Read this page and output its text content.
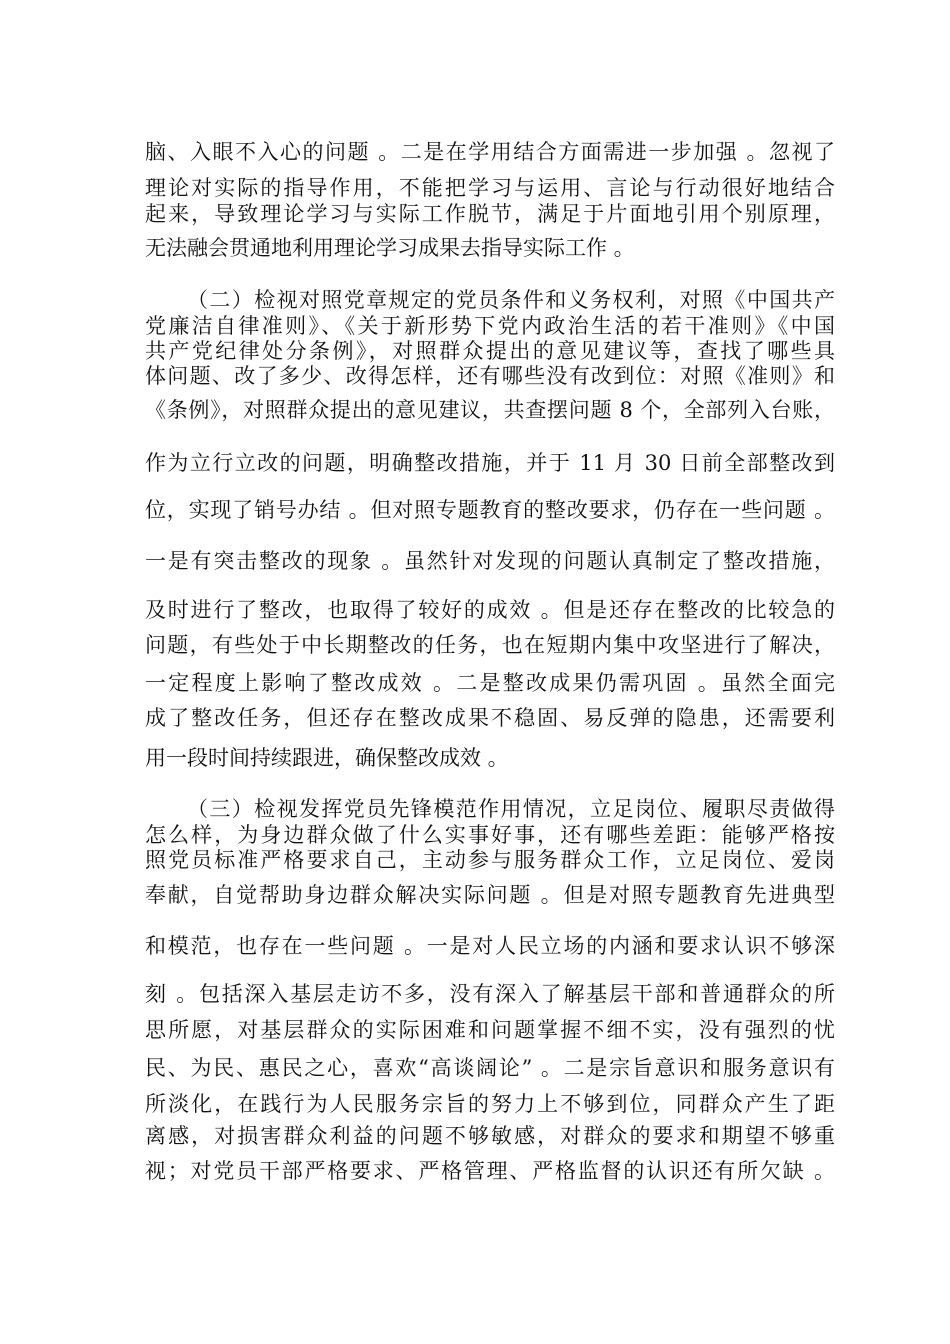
脑、入眼不入心的问题 。二是在学用结合方面需进一步加强 。忽视了

理论对实际的指导作用，不能把学习与运用、言论与行动很好地结合

起来，导致理论学习与实际工作脱节，满足于片面地引用个别原理，

无法融会贯通地利用理论学习成果去指导实际工作 。

（二）检视对照党章规定的党员条件和义务权利，对照《中国共产

党廉洁自律准则》、《关于新形势下党内政治生活的若干准则》《中国

共产党纪律处分条例》，对照群众提出的意见建议等，查找了哪些具

体问题、改了多少、改得怎样，还有哪些没有改到位：对照《准则》和

《条例》，对照群众提出的意见建议，共查摆问题 8 个，全部列入台账，

作为立行立改的问题，明确整改措施，并于 11 月 30 日前全部整改到

位，实现了销号办结 。但对照专题教育的整改要求，仍存在一些问题 。

一是有突击整改的现象 。虽然针对发现的问题认真制定了整改措施，

及时进行了整改，也取得了较好的成效 。但是还存在整改的比较急的

问题，有些处于中长期整改的任务，也在短期内集中攻坚进行了解决，

一定程度上影响了整改成效 。二是整改成果仍需巩固 。虽然全面完

成了整改任务，但还存在整改成果不稳固、易反弹的隐患，还需要利

用一段时间持续跟进，确保整改成效 。

（三）检视发挥党员先锋模范作用情况，立足岗位、履职尽责做得

怎么样，为身边群众做了什么实事好事，还有哪些差距：能够严格按

照党员标准严格要求自己，主动参与服务群众工作，立足岗位、爱岗

奉献，自觉帮助身边群众解决实际问题 。但是对照专题教育先进典型

和模范，也存在一些问题 。一是对人民立场的内涵和要求认识不够深

刻 。包括深入基层走访不多，没有深入了解基层干部和普通群众的所

思所愿，对基层群众的实际困难和问题掌握不细不实，没有强烈的忧

民、为民、惠民之心，喜欢“高谈阔论” 。二是宗旨意识和服务意识有

所淡化，在践行为人民服务宗旨的努力上不够到位，同群众产生了距

离感，对损害群众利益的问题不够敏感，对群众的要求和期望不够重

视；对党员干部严格要求、严格管理、严格监督的认识还有所欠缺 。
